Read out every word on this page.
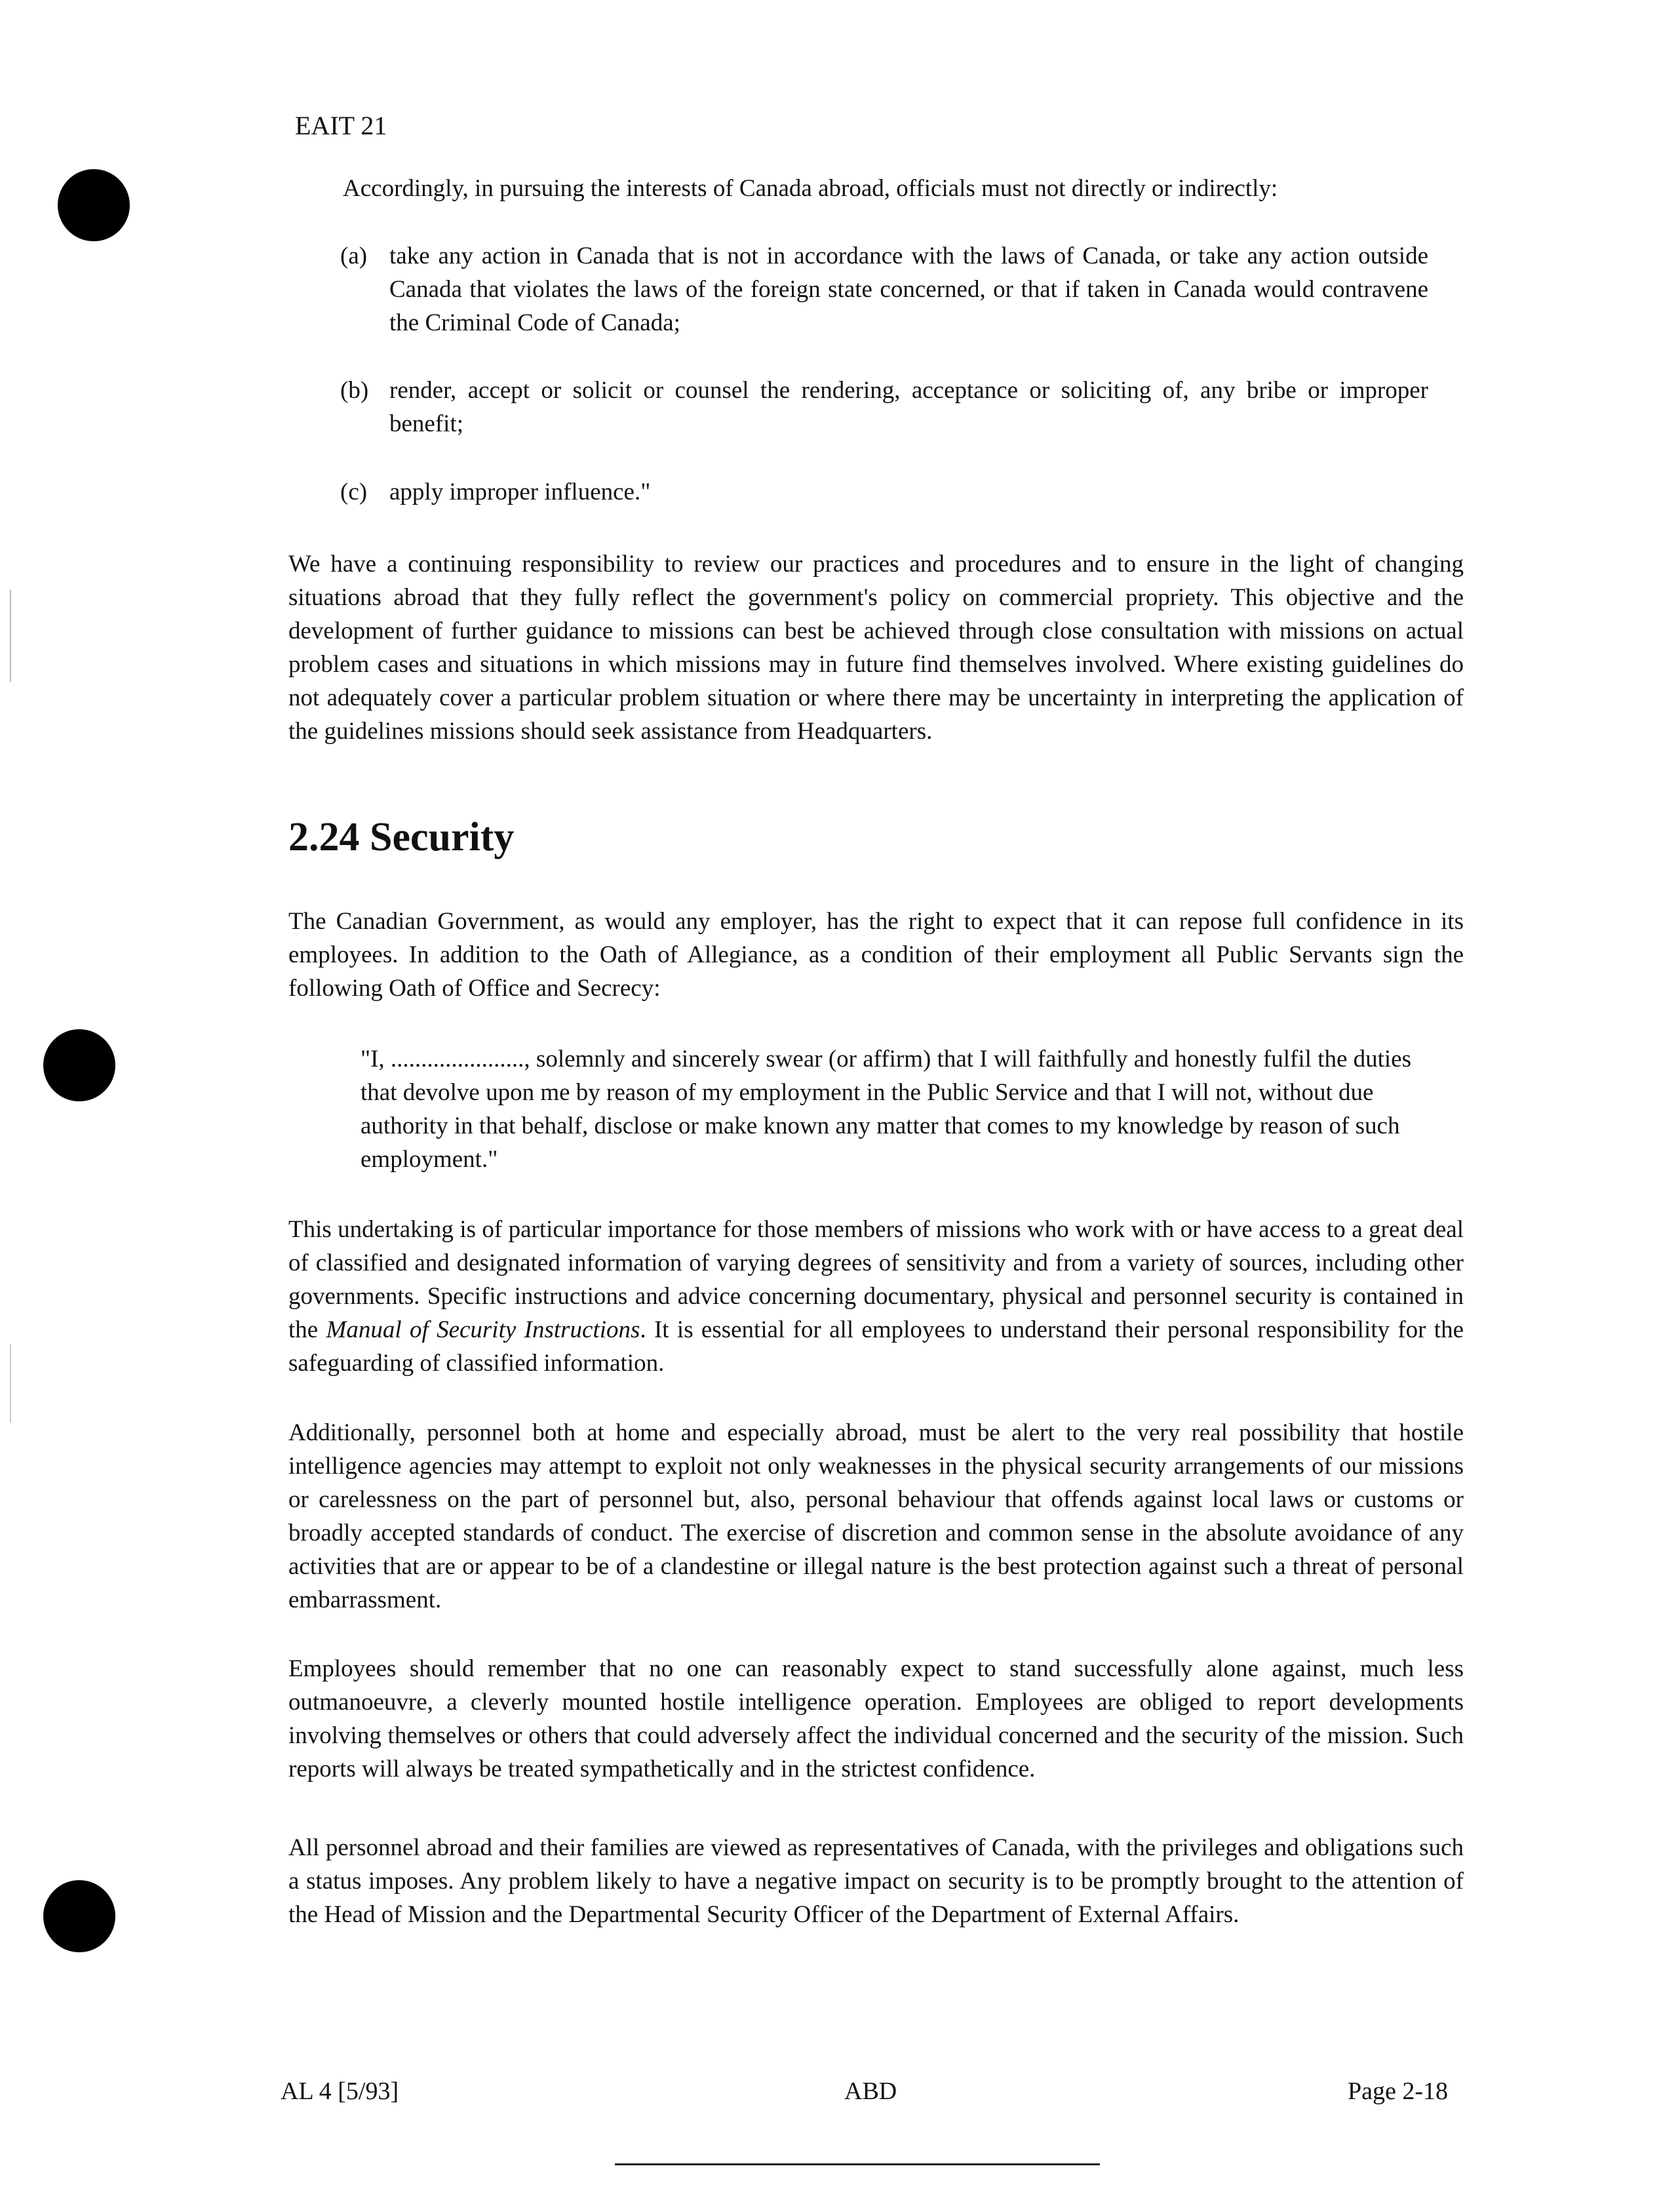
EAIT 21

Accordingly, in pursuing the interests of Canada abroad, officials must not directly or indirectly:

(a) take any action in Canada that is not in accordance with the laws of Canada, or take any action outside Canada that violates the laws of the foreign state concerned, or that if taken in Canada would contravene the Criminal Code of Canada;
(b) render, accept or solicit or counsel the rendering, acceptance or soliciting of, any bribe or improper benefit;
(c) apply improper influence."

We have a continuing responsibility to review our practices and procedures and to ensure in the light of changing situations abroad that they fully reflect the government's policy on commercial propriety. This objective and the development of further guidance to missions can best be achieved through close consultation with missions on actual problem cases and situations in which missions may in future find themselves involved. Where existing guidelines do not adequately cover a particular problem situation or where there may be uncertainty in interpreting the application of the guidelines missions should seek assistance from Headquarters.

2.24 Security

The Canadian Government, as would any employer, has the right to expect that it can repose full confidence in its employees. In addition to the Oath of Allegiance, as a condition of their employment all Public Servants sign the following Oath of Office and Secrecy:

"I, ......................, solemnly and sincerely swear (or affirm) that I will faithfully and honestly fulfil the duties that devolve upon me by reason of my employment in the Public Service and that I will not, without due authority in that behalf, disclose or make known any matter that comes to my knowledge by reason of such employment."

This undertaking is of particular importance for those members of missions who work with or have access to a great deal of classified and designated information of varying degrees of sensitivity and from a variety of sources, including other governments. Specific instructions and advice concerning documentary, physical and personnel security is contained in the Manual of Security Instructions. It is essential for all employees to understand their personal responsibility for the safeguarding of classified information.

Additionally, personnel both at home and especially abroad, must be alert to the very real possibility that hostile intelligence agencies may attempt to exploit not only weaknesses in the physical security arrangements of our missions or carelessness on the part of personnel but, also, personal behaviour that offends against local laws or customs or broadly accepted standards of conduct. The exercise of discretion and common sense in the absolute avoidance of any activities that are or appear to be of a clandestine or illegal nature is the best protection against such a threat of personal embarrassment.

Employees should remember that no one can reasonably expect to stand successfully alone against, much less outmanoeuvre, a cleverly mounted hostile intelligence operation. Employees are obliged to report developments involving themselves or others that could adversely affect the individual concerned and the security of the mission. Such reports will always be treated sympathetically and in the strictest confidence.

All personnel abroad and their families are viewed as representatives of Canada, with the privileges and obligations such a status imposes. Any problem likely to have a negative impact on security is to be promptly brought to the attention of the Head of Mission and the Departmental Security Officer of the Department of External Affairs.

AL 4 [5/93]	ABD	Page 2-18
